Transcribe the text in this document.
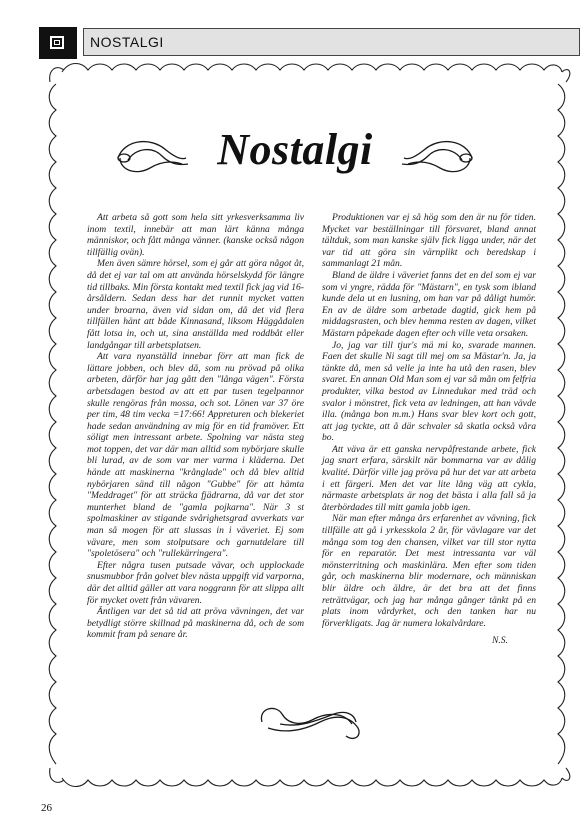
NOSTALGI
Nostalgi

Att arbeta så gott som hela sitt yrkesverksamma liv inom textil, innebär att man lärt känna många människor, och fått många vänner. (kanske också någon tillfällig ovän).

Men även sämre hörsel, som ej går att göra något åt, då det ej var tal om att använda hörselskydd för längre tid tillbaks. Min första kontakt med textil fick jag vid 16-årsåldern. Sedan dess har det runnit mycket vatten under broarna, även vid sidan om, då det vid flera tillfällen hänt att både Kinnasand, liksom Häggådalen fått lotsa in, och ut, sina anställda med roddbåt eller landgångar till arbetsplatsen.

Att vara nyanställd innebar förr att man fick de lättare jobben, och blev då, som nu prövad på olika arbeten, därför har jag gått den "långa vägen". Första arbetsdagen bestod av att ett par tusen tegelpannor skulle rengöras från mossa, och sot. Lönen var 37 öre per tim, 48 tim vecka =17:66! Appreturen och blekeriet hade sedan användning av mig för en tid framöver. Ett söligt men intressant arbete. Spolning var nästa steg mot toppen, det var där man alltid som nybörjare skulle bli lurad, av de som var mer varma i kläderna. Det hände att maskinerna "krånglade" och då blev alltid nybörjaren sänd till någon "Gubbe" för att hämta "Meddraget" för att sträcka fjädrarna, då var det stor munterhet bland de "gamla pojkarna". När 3 st spolmaskiner av stigande svårighetsgrad avverkats var man så mogen för att slussas in i väveriet. Ej som vävare, men som stolputsare och garnutdelare till "spoletösera" och "rullekärringera".

Efter några tusen putsade vävar, och upplockade snusmubbor från golvet blev nästa uppgift vid varporna, där det alltid gäller att vara noggrann för att slippa allt för mycket ovett från vävaren.

Äntligen var det så tid att pröva vävningen, det var betydligt större skillnad på maskinerna då, och de som kommit fram på senare år.

Produktionen var ej så hög som den är nu för tiden. Mycket var beställningar till försvaret, bland annat tältduk, som man kanske själv fick ligga under, när det var tid att göra sin värnplikt och beredskap i sammanlagt 21 mån.

Bland de äldre i väveriet fanns det en del som ej var som vi yngre, rädda för "Mästarn", en tysk som ibland kunde dela ut en lusning, om han var på dåligt humör. En av de äldre som arbetade dagtid, gick hem på middagsrasten, och blev hemma resten av dagen, vilket Mästarn påpekade dagen efter och ville veta orsaken.

Jo, jag var till tjur's mä mi ko, svarade mannen. Faen det skulle Ni sagt till mej om sa Mästar'n. Ja, ja tänkte då, men så velle ja inte ha utå den rasen, blev svaret. En annan Old Man som ej var så mån om felfria produkter, vilka bestod av Linnedukar med träd och svalor i mönstret, fick veta av ledningen, att han vävde illa. (många bon m.m.) Hans svar blev kort och gott, att jag tyckte, att å där schvaler så skatla också våra bo.

Att väva är ett ganska nervpåfrestande arbete, fick jag snart erfara, särskilt när bommarna var av dålig kvalité. Därför ville jag pröva på hur det var att arbeta i ett färgeri. Men det var lite lång väg att cykla, närmaste arbetsplats är nog det bästa i alla fall så ja återbördades till mitt gamla jobb igen.

När man efter många års erfarenhet av vävning, fick tillfälle att gå i yrkesskola 2 år, för vävlagare var det många som tog den chansen, vilket var till stor nytta för en reparatör. Det mest intressanta var väl mönsterritning och maskinlära. Men efter som tiden går, och maskinerna blir modernare, och människan blir äldre och äldre, är det bra att det finns reträttvägar, och jag har många gånger tänkt på en plats inom vårdyrket, och den tanken har nu förverkligats. Jag är numera lokalvårdare.

N.S.

26
